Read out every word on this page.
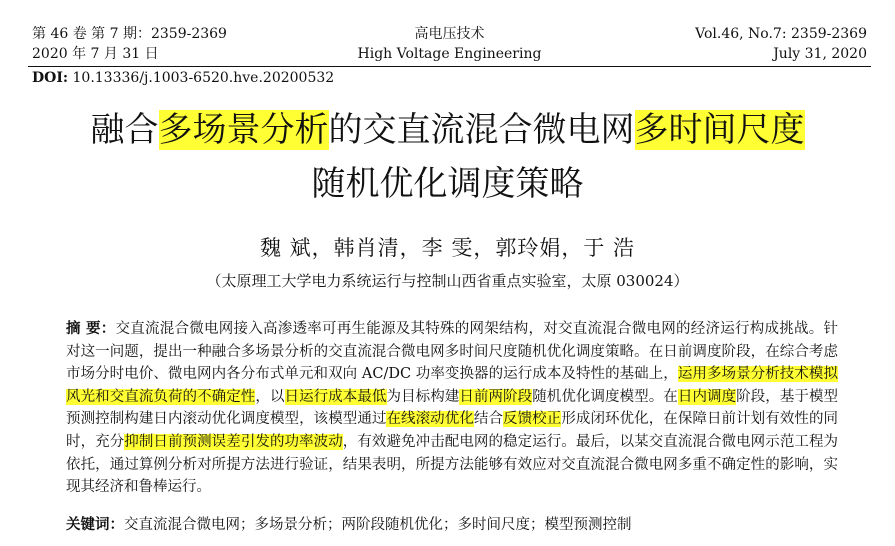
第 46 卷 第 7 期：2359-2369
2020 年 7 月 31 日
高电压技术
High Voltage Engineering
Vol.46, No.7: 2359-2369
July 31, 2020
DOI: 10.13336/j.1003-6520.hve.20200532
融合多场景分析的交直流混合微电网多时间尺度
随机优化调度策略
魏 斌，韩肖清，李 雯，郭玲娟，于 浩
（太原理工大学电力系统运行与控制山西省重点实验室，太原 030024）
摘 要：交直流混合微电网接入高渗透率可再生能源及其特殊的网架结构，对交直流混合微电网的经济运行构成挑战。针对这一问题，提出一种融合多场景分析的交直流混合微电网多时间尺度随机优化调度策略。在日前调度阶段，在综合考虑市场分时电价、微电网内各分布式单元和双向 AC/DC 功率变换器的运行成本及特性的基础上，运用多场景分析技术模拟风光和交直流负荷的不确定性，以日运行成本最低为目标构建日前两阶段随机优化调度模型。在日内调度阶段，基于模型预测控制构建日内滚动优化调度模型，该模型通过在线滚动优化结合反馈校正形成闭环优化，在保障日前计划有效性的同时，充分抑制日前预测误差引发的功率波动，有效避免冲击配电网的稳定运行。最后，以某交直流混合微电网示范工程为依托，通过算例分析对所提方法进行验证，结果表明，所提方法能够有效应对交直流混合微电网多重不确定性的影响，实现其经济和鲁棒运行。
关键词：交直流混合微电网；多场景分析；两阶段随机优化；多时间尺度；模型预测控制
